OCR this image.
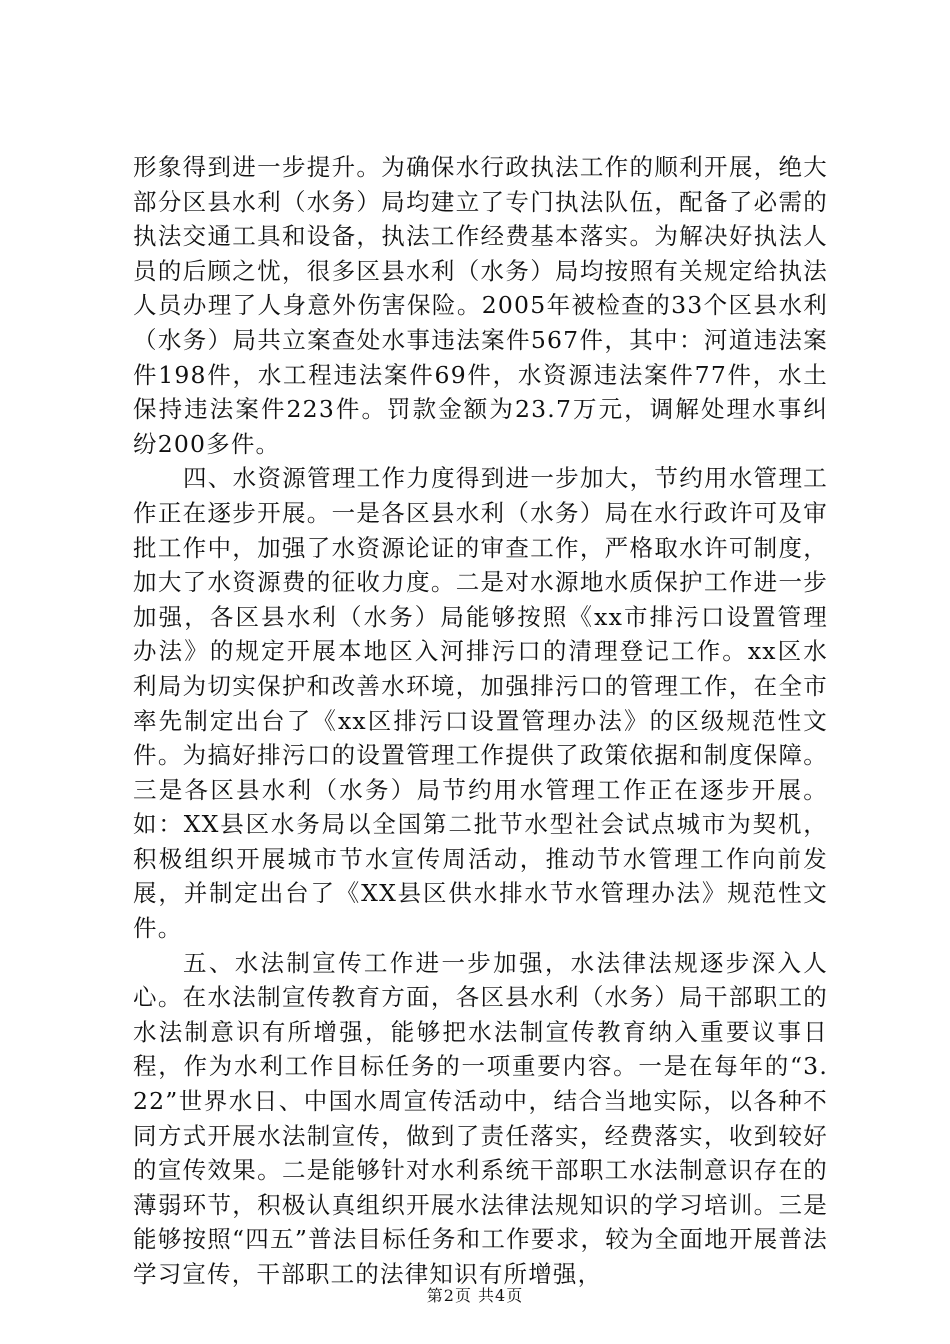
形象得到进一步提升。为确保水行政执法工作的顺利开展，绝大部分区县水利（水务）局均建立了专门执法队伍，配备了必需的执法交通工具和设备，执法工作经费基本落实。为解决好执法人员的后顾之忧，很多区县水利（水务）局均按照有关规定给执法人员办理了人身意外伤害保险。2005年被检查的33个区县水利（水务）局共立案查处水事违法案件567件，其中：河道违法案件198件，水工程违法案件69件，水资源违法案件77件，水土保持违法案件223件。罚款金额为23.7万元，调解处理水事纠纷200多件。

四、水资源管理工作力度得到进一步加大，节约用水管理工作正在逐步开展。一是各区县水利（水务）局在水行政许可及审批工作中，加强了水资源论证的审查工作，严格取水许可制度，加大了水资源费的征收力度。二是对水源地水质保护工作进一步加强，各区县水利（水务）局能够按照《xx市排污口设置管理办法》的规定开展本地区入河排污口的清理登记工作。xx区水利局为切实保护和改善水环境，加强排污口的管理工作，在全市率先制定出台了《xx区排污口设置管理办法》的区级规范性文件。为搞好排污口的设置管理工作提供了政策依据和制度保障。三是各区县水利（水务）局节约用水管理工作正在逐步开展。如：XX县区水务局以全国第二批节水型社会试点城市为契机，积极组织开展城市节水宣传周活动，推动节水管理工作向前发展，并制定出台了《XX县区供水排水节水管理办法》规范性文件。

五、水法制宣传工作进一步加强，水法律法规逐步深入人心。在水法制宣传教育方面，各区县水利（水务）局干部职工的水法制意识有所增强，能够把水法制宣传教育纳入重要议事日程，作为水利工作目标任务的一项重要内容。一是在每年的“3.22”世界水日、中国水周宣传活动中，结合当地实际，以各种不同方式开展水法制宣传，做到了责任落实，经费落实，收到较好的宣传效果。二是能够针对水利系统干部职工水法制意识存在的薄弱环节，积极认真组织开展水法律法规知识的学习培训。三是能够按照“四五”普法目标任务和工作要求，较为全面地开展普法学习宣传，干部职工的法律知识有所增强，

第2页 共4页
